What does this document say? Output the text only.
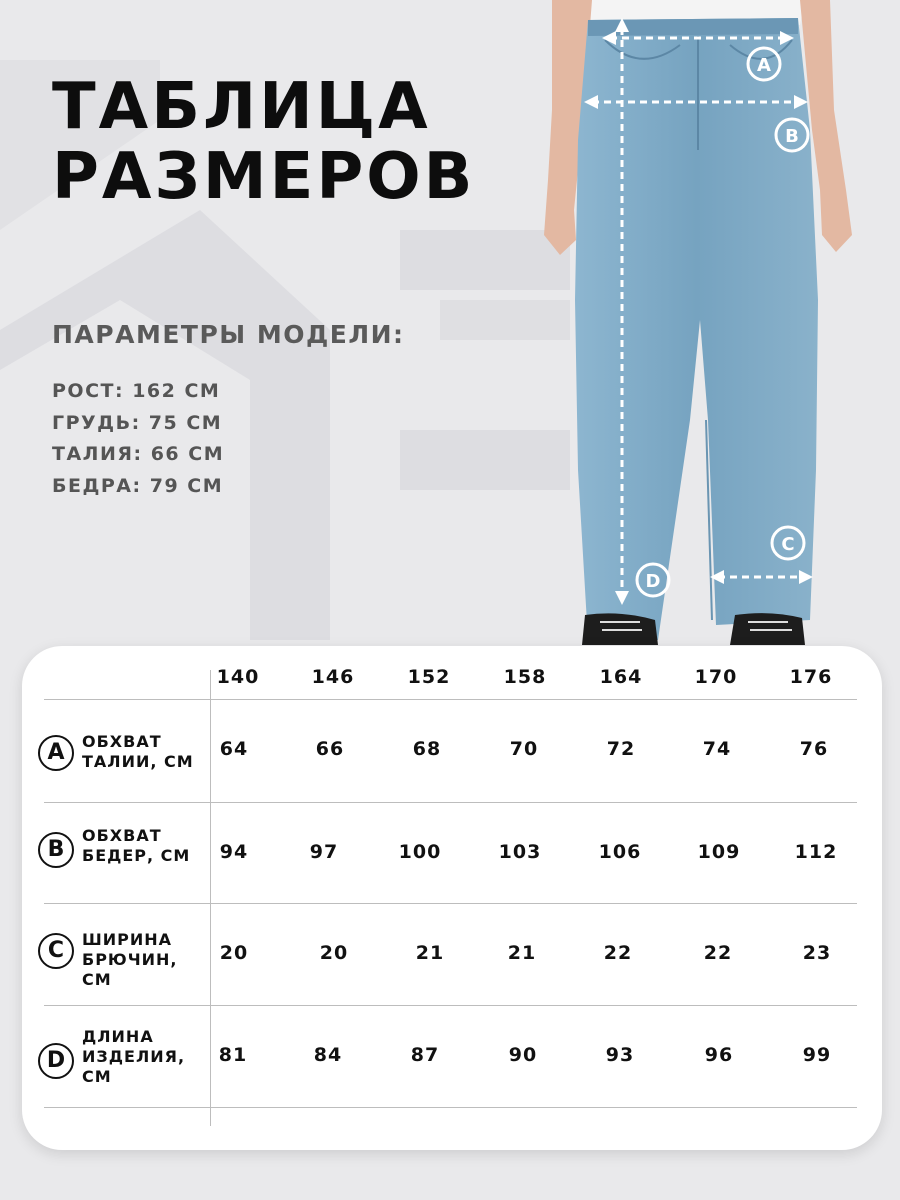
ТАБЛИЦА
РАЗМЕРОВ
ПАРАМЕТРЫ МОДЕЛИ:
РОСТ: 162 СМ
ГРУДЬ: 75 СМ
ТАЛИЯ: 66 СМ
БЕДРА: 79 СМ
A
B
C
D
140	146	152	158	164	170	176
A	ОБХВАТ
ТАЛИИ, СМ
64	66	68	70	72	74	76
B
ОБХВАТ
БЕДЕР, СМ	94	97	100	103	106	109	112
C	ШИРИНА
БРЮЧИН,
СМ
20	20	21	21	22	22	23
D
ДЛИНА
ИЗДЕЛИЯ,
СМ
81	84	87	90	93	96	99
